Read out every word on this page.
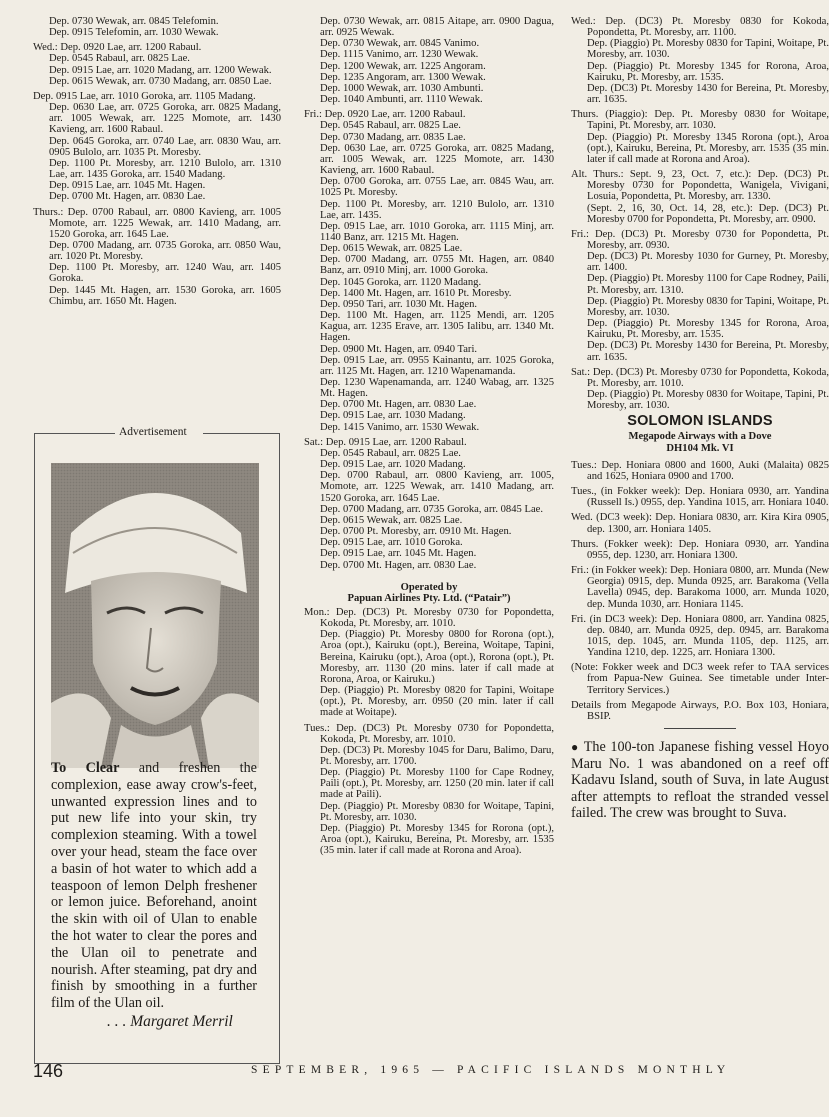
Dep. 0730 Wewak, arr. 0845 Telefomin.

Dep. 0915 Telefomin, arr. 1030 Wewak.

Wed.: Dep. 0920 Lae, arr. 1200 Rabaul.

Dep. 0545 Rabaul, arr. 0825 Lae.

Dep. 0915 Lae, arr. 1020 Madang, arr. 1200 Wewak.

Dep. 0615 Wewak, arr. 0730 Madang, arr. 0850 Lae.

Dep. 0915 Lae, arr. 1010 Goroka, arr. 1105 Madang.

Dep. 0630 Lae, arr. 0725 Goroka, arr. 0825 Madang, arr. 1005 Wewak, arr. 1225 Momote, arr. 1430 Kavieng, arr. 1600 Rabaul.

Dep. 0645 Goroka, arr. 0740 Lae, arr. 0830 Wau, arr. 0905 Bulolo, arr. 1035 Pt. Moresby.

Dep. 1100 Pt. Moresby, arr. 1210 Bulolo, arr. 1310 Lae, arr. 1435 Goroka, arr. 1540 Madang.

Dep. 0915 Lae, arr. 1045 Mt. Hagen.

Dep. 0700 Mt. Hagen, arr. 0830 Lae.

Thurs.: Dep. 0700 Rabaul, arr. 0800 Kavieng, arr. 1005 Momote, arr. 1225 Wewak, arr. 1410 Madang, arr. 1520 Goroka, arr. 1645 Lae.

Dep. 0700 Madang, arr. 0735 Goroka, arr. 0850 Wau, arr. 1020 Pt. Moresby.

Dep. 1100 Pt. Moresby, arr. 1240 Wau, arr. 1405 Goroka.

Dep. 1445 Mt. Hagen, arr. 1530 Goroka, arr. 1605 Chimbu, arr. 1650 Mt. Hagen.

Advertisement
To Clear and freshen the complexion, ease away crow's-feet, unwanted expression lines and to put new life into your skin, try complexion steaming. With a towel over your head, steam the face over a basin of hot water to which add a teaspoon of lemon Delph freshener or lemon juice. Beforehand, anoint the skin with oil of Ulan to enable the hot water to clear the pores and the Ulan oil to penetrate and nourish. After steaming, pat dry and finish by smoothing in a further film of the Ulan oil.
. . . Margaret Merril

Dep. 0730 Wewak, arr. 0815 Aitape, arr. 0900 Dagua, arr. 0925 Wewak.

Dep. 0730 Wewak, arr. 0845 Vanimo.

Dep. 1115 Vanimo, arr. 1230 Wewak.

Dep. 1200 Wewak, arr. 1225 Angoram.

Dep. 1235 Angoram, arr. 1300 Wewak.

Dep. 1000 Wewak, arr. 1030 Ambunti.

Dep. 1040 Ambunti, arr. 1110 Wewak.

Fri.: Dep. 0920 Lae, arr. 1200 Rabaul.

Dep. 0545 Rabaul, arr. 0825 Lae.

Dep. 0730 Madang, arr. 0835 Lae.

Dep. 0630 Lae, arr. 0725 Goroka, arr. 0825 Madang, arr. 1005 Wewak, arr. 1225 Momote, arr. 1430 Kavieng, arr. 1600 Rabaul.

Dep. 0700 Goroka, arr. 0755 Lae, arr. 0845 Wau, arr. 1025 Pt. Moresby.

Dep. 1100 Pt. Moresby, arr. 1210 Bulolo, arr. 1310 Lae, arr. 1435.

Dep. 0915 Lae, arr. 1010 Goroka, arr. 1115 Minj, arr. 1140 Banz, arr. 1215 Mt. Hagen.

Dep. 0615 Wewak, arr. 0825 Lae.

Dep. 0700 Madang, arr. 0755 Mt. Hagen, arr. 0840 Banz, arr. 0910 Minj, arr. 1000 Goroka.

Dep. 1045 Goroka, arr. 1120 Madang.

Dep. 1400 Mt. Hagen, arr. 1610 Pt. Moresby.

Dep. 0950 Tari, arr. 1030 Mt. Hagen.

Dep. 1100 Mt. Hagen, arr. 1125 Mendi, arr. 1205 Kagua, arr. 1235 Erave, arr. 1305 Ialibu, arr. 1340 Mt. Hagen.

Dep. 0900 Mt. Hagen, arr. 0940 Tari.

Dep. 0915 Lae, arr. 0955 Kainantu, arr. 1025 Goroka, arr. 1125 Mt. Hagen, arr. 1210 Wapenamanda.

Dep. 1230 Wapenamanda, arr. 1240 Wabag, arr. 1325 Mt. Hagen.

Dep. 0700 Mt. Hagen, arr. 0830 Lae.

Dep. 0915 Lae, arr. 1030 Madang.

Dep. 1415 Vanimo, arr. 1530 Wewak.

Sat.: Dep. 0915 Lae, arr. 1200 Rabaul.

Dep. 0545 Rabaul, arr. 0825 Lae.

Dep. 0915 Lae, arr. 1020 Madang.

Dep. 0700 Rabaul, arr. 0800 Kavieng, arr. 1005, Momote, arr. 1225 Wewak, arr. 1410 Madang, arr. 1520 Goroka, arr. 1645 Lae.

Dep. 0700 Madang, arr. 0735 Goroka, arr. 0845 Lae.

Dep. 0615 Wewak, arr. 0825 Lae.

Dep. 0700 Pt. Moresby, arr. 0910 Mt. Hagen.

Dep. 0915 Lae, arr. 1010 Goroka.

Dep. 0915 Lae, arr. 1045 Mt. Hagen.

Dep. 0700 Mt. Hagen, arr. 0830 Lae.

Operated by
Papuan Airlines Pty. Ltd. (“Patair”)

Mon.: Dep. (DC3) Pt. Moresby 0730 for Popondetta, Kokoda, Pt. Moresby, arr. 1010.

Dep. (Piaggio) Pt. Moresby 0800 for Rorona (opt.), Aroa (opt.), Kairuku (opt.), Bereina, Woitape, Tapini, Bereina, Kairuku (opt.), Aroa (opt.), Rorona (opt.), Pt. Moresby, arr. 1130 (20 mins. later if call made at Rorona, Aroa, or Kairuku.)

Dep. (Piaggio) Pt. Moresby 0820 for Tapini, Woitape (opt.), Pt. Moresby, arr. 0950 (20 min. later if call made at Woitape).

Tues.: Dep. (DC3) Pt. Moresby 0730 for Popondetta, Kokoda, Pt. Moresby, arr. 1010.

Dep. (DC3) Pt. Moresby 1045 for Daru, Balimo, Daru, Pt. Moresby, arr. 1700.

Dep. (Piaggio) Pt. Moresby 1100 for Cape Rodney, Paili (opt.), Pt. Moresby, arr. 1250 (20 min. later if call made at Paili).

Dep. (Piaggio) Pt. Moresby 0830 for Woitape, Tapini, Pt. Moresby, arr. 1030.

Dep. (Piaggio) Pt. Moresby 1345 for Rorona (opt.), Aroa (opt.), Kairuku, Bereina, Pt. Moresby, arr. 1535 (35 min. later if call made at Rorona and Aroa).

Wed.: Dep. (DC3) Pt. Moresby 0830 for Kokoda, Popondetta, Pt. Moresby, arr. 1100.

Dep. (Piaggio) Pt. Moresby 0830 for Tapini, Woitape, Pt. Moresby, arr. 1030.

Dep. (Piaggio) Pt. Moresby 1345 for Rorona, Aroa, Kairuku, Pt. Moresby, arr. 1535.

Dep. (DC3) Pt. Moresby 1430 for Bereina, Pt. Moresby, arr. 1635.

Thurs. (Piaggio): Dep. Pt. Moresby 0830 for Woitape, Tapini, Pt. Moresby, arr. 1030.

Dep. (Piaggio) Pt. Moresby 1345 Rorona (opt.), Aroa (opt.), Kairuku, Bereina, Pt. Moresby, arr. 1535 (35 min. later if call made at Rorona and Aroa).

Alt. Thurs.: Sept. 9, 23, Oct. 7, etc.): Dep. (DC3) Pt. Moresby 0730 for Popondetta, Wanigela, Vivigani, Losuia, Popondetta, Pt. Moresby, arr. 1330.

(Sept. 2, 16, 30, Oct. 14, 28, etc.): Dep. (DC3) Pt. Moresby 0700 for Popondetta, Pt. Moresby, arr. 0900.

Fri.: Dep. (DC3) Pt. Moresby 0730 for Popondetta, Pt. Moresby, arr. 0930.

Dep. (DC3) Pt. Moresby 1030 for Gurney, Pt. Moresby, arr. 1400.

Dep. (Piaggio) Pt. Moresby 1100 for Cape Rodney, Paili, Pt. Moresby, arr. 1310.

Dep. (Piaggio) Pt. Moresby 0830 for Tapini, Woitape, Pt. Moresby, arr. 1030.

Dep. (Piaggio) Pt. Moresby 1345 for Rorona, Aroa, Kairuku, Pt. Moresby, arr. 1535.

Dep. (DC3) Pt. Moresby 1430 for Bereina, Pt. Moresby, arr. 1635.

Sat.: Dep. (DC3) Pt. Moresby 0730 for Popondetta, Kokoda, Pt. Moresby, arr. 1010.

Dep. (Piaggio) Pt. Moresby 0830 for Woitape, Tapini, Pt. Moresby, arr. 1030.

SOLOMON ISLANDS
Megapode Airways with a Dove
DH104 Mk. VI

Tues.: Dep. Honiara 0800 and 1600, Auki (Malaita) 0825 and 1625, Honiara 0900 and 1700.

Tues., (in Fokker week): Dep. Honiara 0930, arr. Yandina (Russell Is.) 0955, dep. Yandina 1015, arr. Honiara 1040.

Wed. (DC3 week): Dep. Honiara 0830, arr. Kira Kira 0905, dep. 1300, arr. Honiara 1405.

Thurs. (Fokker week): Dep. Honiara 0930, arr. Yandina 0955, dep. 1230, arr. Honiara 1300.

Fri.: (in Fokker week): Dep. Honiara 0800, arr. Munda (New Georgia) 0915, dep. Munda 0925, arr. Barakoma (Vella Lavella) 0945, dep. Barakoma 1000, arr. Munda 1020, dep. Munda 1030, arr. Honiara 1145.

Fri. (in DC3 week): Dep. Honiara 0800, arr. Yandina 0825, dep. 0840, arr. Munda 0925, dep. 0945, arr. Barakoma 1015, dep. 1045, arr. Munda 1105, dep. 1125, arr. Yandina 1210, dep. 1225, arr. Honiara 1300.

(Note: Fokker week and DC3 week refer to TAA services from Papua-New Guinea. See timetable under Inter-Territory Services.)

Details from Megapode Airways, P.O. Box 103, Honiara, BSIP.

● The 100-ton Japanese fishing vessel Hoyo Maru No. 1 was abandoned on a reef off Kadavu Island, south of Suva, in late August after attempts to refloat the stranded vessel failed. The crew was brought to Suva.
146	SEPTEMBER, 1965 — PACIFIC ISLANDS MONTHLY
